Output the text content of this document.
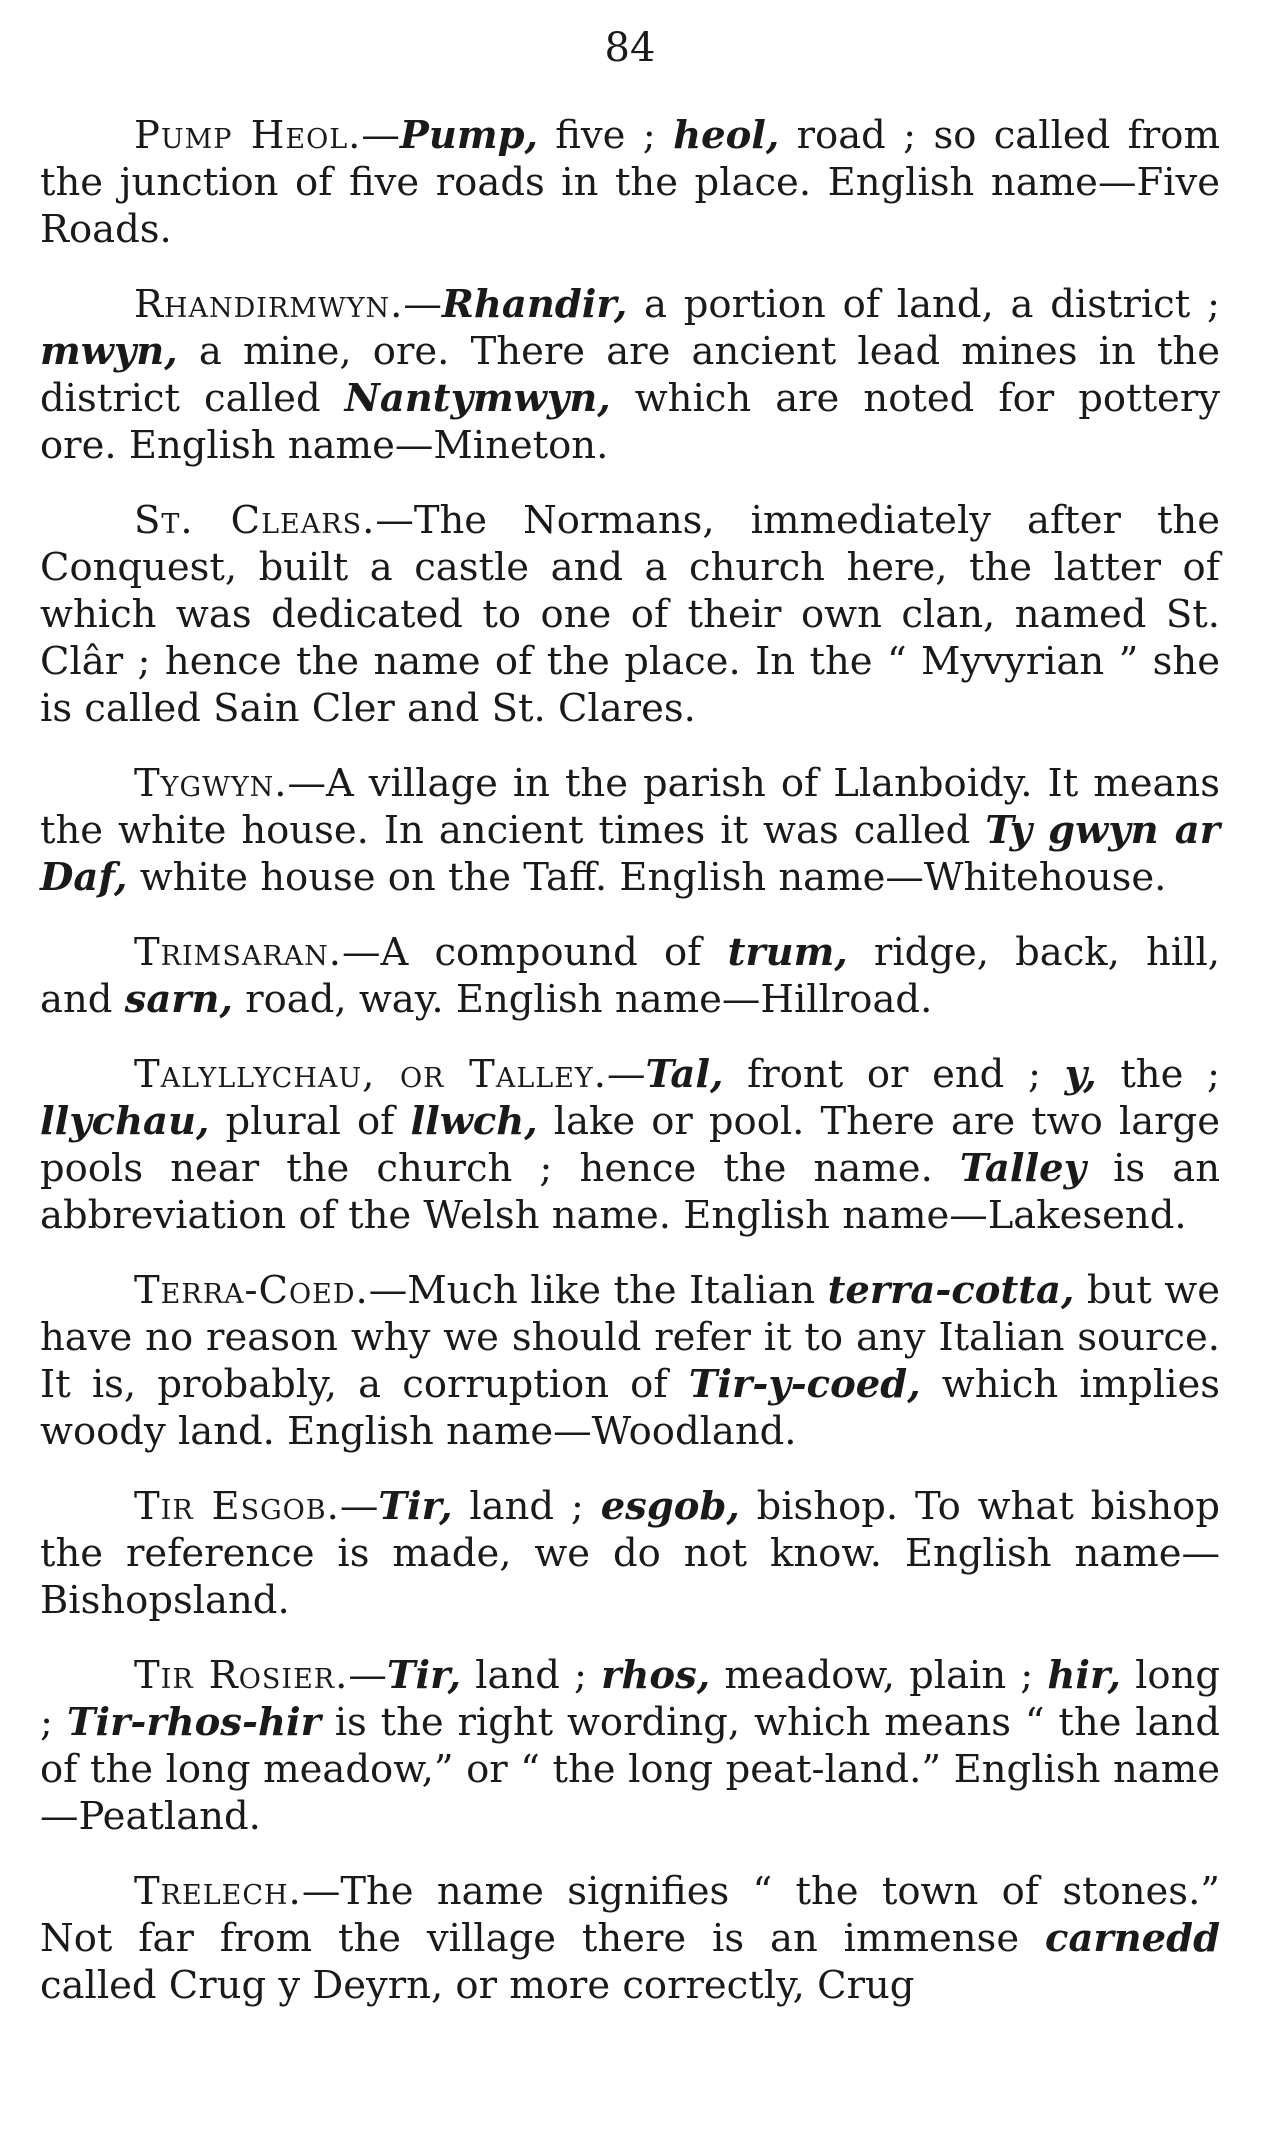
84

Pump Heol.—Pump, five ; heol, road ; so called from the junction of five roads in the place. English name—Five Roads.

Rhandirmwyn.—Rhandir, a portion of land, a district ; mwyn, a mine, ore. There are ancient lead mines in the district called Nantymwyn, which are noted for pottery ore. English name—Mineton.

St. Clears.—The Normans, immediately after the Conquest, built a castle and a church here, the latter of which was dedicated to one of their own clan, named St. Clâr ; hence the name of the place. In the “ Myvyrian ” she is called Sain Cler and St. Clares.

Tygwyn.—A village in the parish of Llanboidy. It means the white house. In ancient times it was called Ty gwyn ar Daf, white house on the Taff. English name—Whitehouse.

Trimsaran.—A compound of trum, ridge, back, hill, and sarn, road, way. English name—Hillroad.

Talyllychau, or Talley.—Tal, front or end ; y, the ; llychau, plural of llwch, lake or pool. There are two large pools near the church ; hence the name. Talley is an abbreviation of the Welsh name. English name—Lakesend.

Terra-Coed.—Much like the Italian terra-cotta, but we have no reason why we should refer it to any Italian source. It is, probably, a corruption of Tir-y-coed, which implies woody land. English name—Woodland.

Tir Esgob.—Tir, land ; esgob, bishop. To what bishop the reference is made, we do not know. English name—Bishopsland.

Tir Rosier.—Tir, land ; rhos, meadow, plain ; hir, long ; Tir-rhos-hir is the right wording, which means “ the land of the long meadow,” or “ the long peat-land.” English name—Peatland.

Trelech.—The name signifies “ the town of stones.” Not far from the village there is an immense carnedd called Crug y Deyrn, or more correctly, Crug
